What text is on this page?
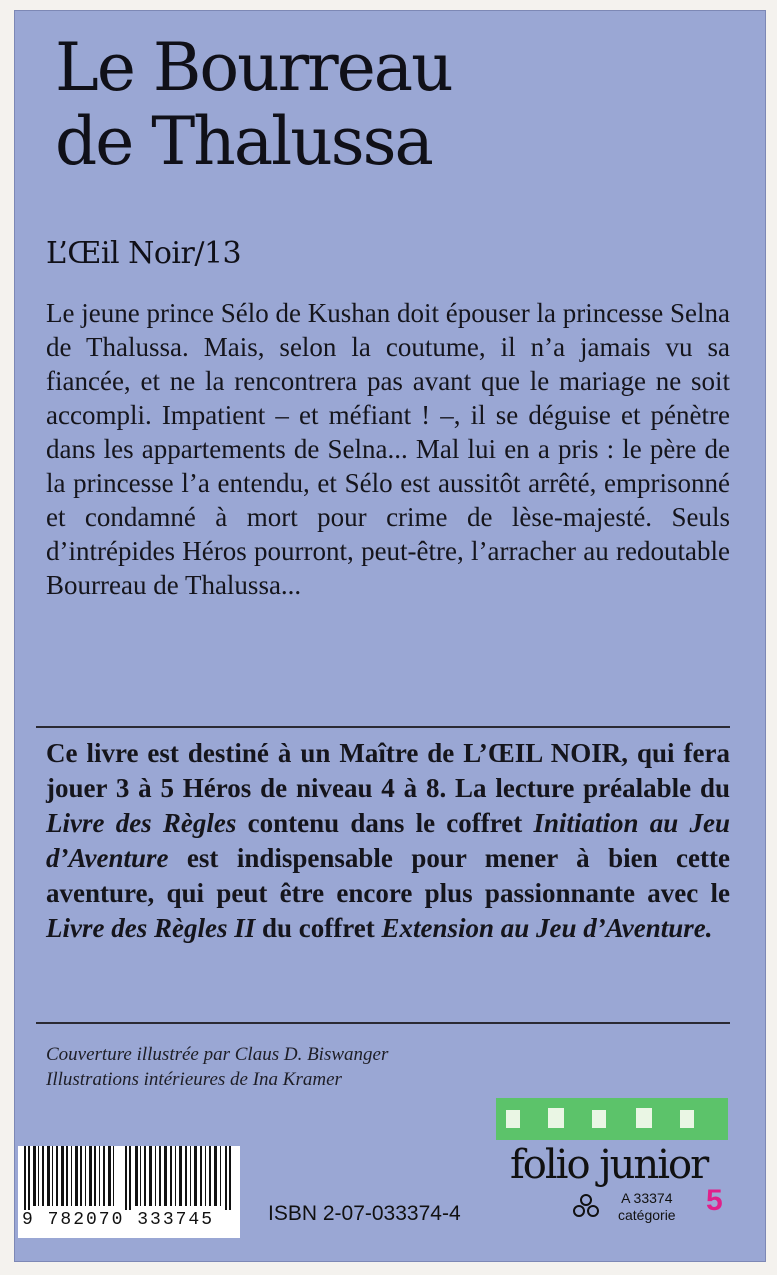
Le Bourreau
de Thalussa
L’Œil Noir/13
Le jeune prince Sélo de Kushan doit épouser la princesse Selna de Thalussa. Mais, selon la coutume, il n’a jamais vu sa fiancée, et ne la rencontrera pas avant que le mariage ne soit accompli. Impatient – et méfiant ! –, il se déguise et pénètre dans les appartements de Selna... Mal lui en a pris : le père de la princesse l’a entendu, et Sélo est aussitôt arrêté, emprisonné et condamné à mort pour crime de lèse-majesté. Seuls d’intrépides Héros pourront, peut-être, l’arracher au redoutable Bourreau de Thalussa...
Ce livre est destiné à un Maître de L’ŒIL NOIR, qui fera jouer 3 à 5 Héros de niveau 4 à 8. La lecture préalable du Livre des Règles contenu dans le coffret Initiation au Jeu d’Aventure est indispensable pour mener à bien cette aventure, qui peut être encore plus passionnante avec le Livre des Règles II du coffret Extension au Jeu d’Aventure.
Couverture illustrée par Claus D. Biswanger
Illustrations intérieures de Ina Kramer
folio junior
A 33374
catégorie 5
9 782070 333745	ISBN 2-07-033374-4
